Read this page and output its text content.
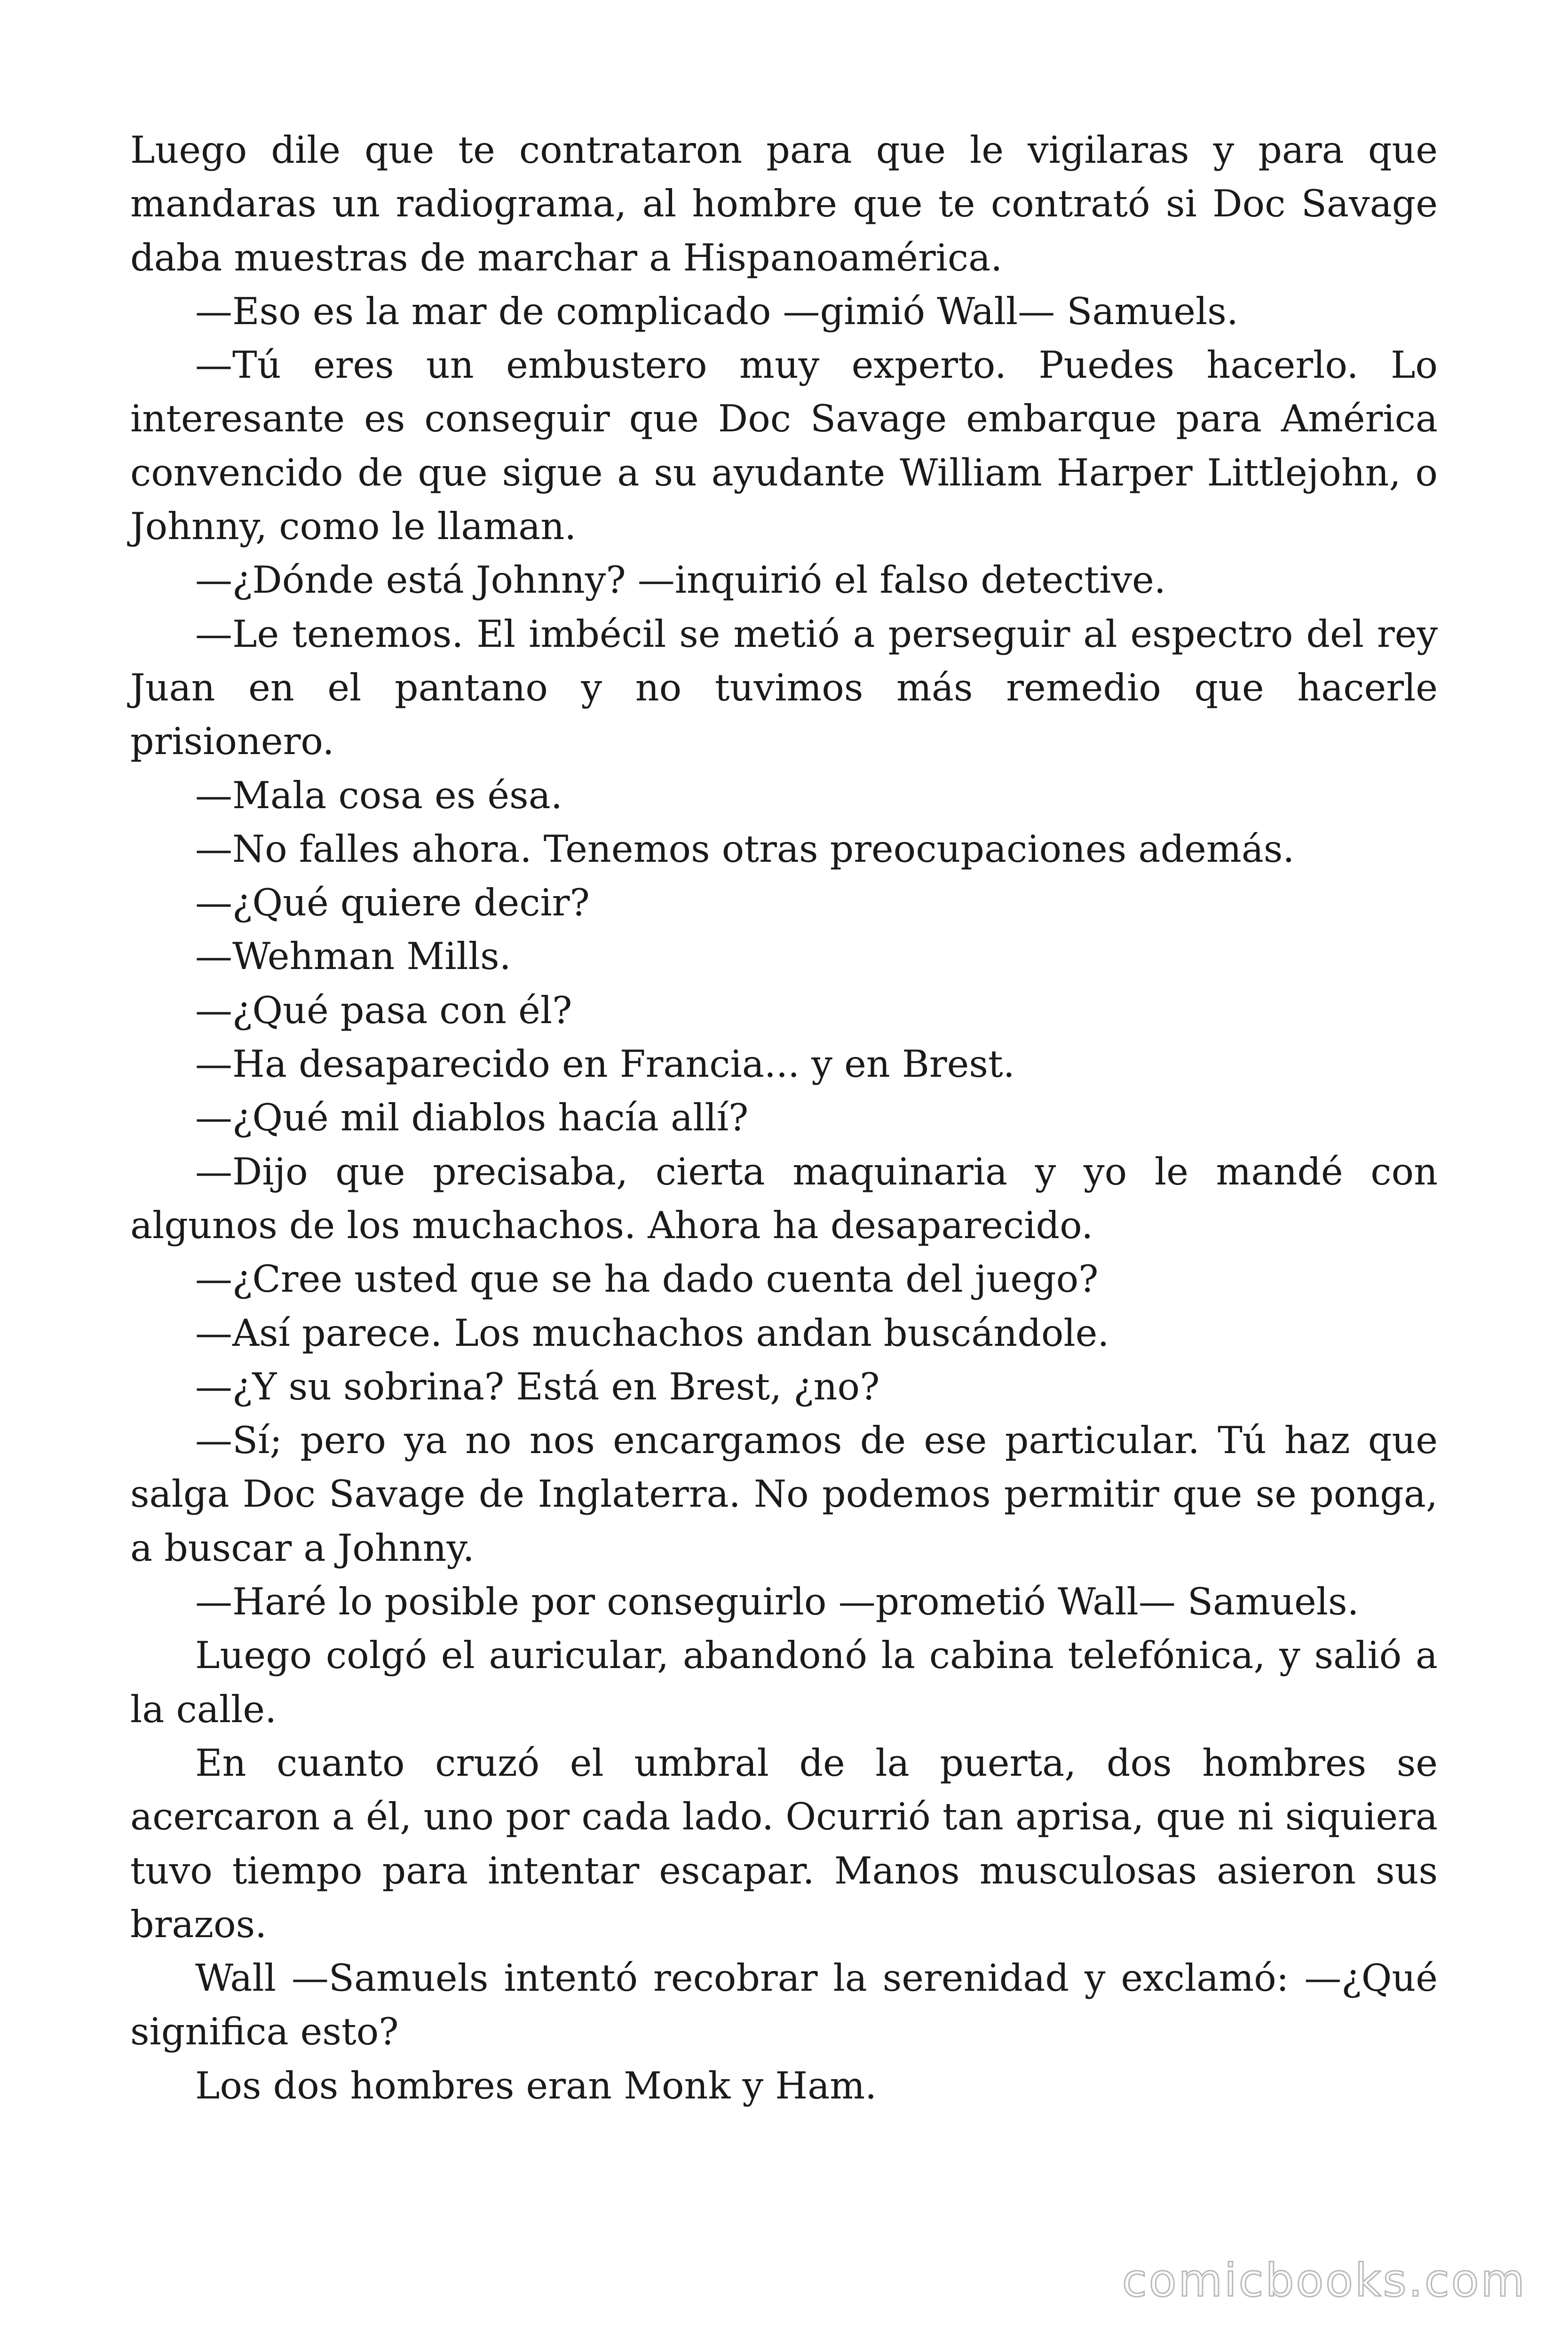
Luego dile que te contrataron para que le vigilaras y para que mandaras un radiograma, al hombre que te contrató si Doc Savage daba muestras de marchar a Hispanoamérica.

—Eso es la mar de complicado —gimió Wall— Samuels.

—Tú eres un embustero muy experto. Puedes hacerlo. Lo interesante es conseguir que Doc Savage embarque para América convencido de que sigue a su ayudante William Harper Littlejohn, o Johnny, como le llaman.

—¿Dónde está Johnny? —inquirió el falso detective.

—Le tenemos. El imbécil se metió a perseguir al espectro del rey Juan en el pantano y no tuvimos más remedio que hacerle prisionero.

—Mala cosa es ésa.

—No falles ahora. Tenemos otras preocupaciones además.

—¿Qué quiere decir?

—Wehman Mills.

—¿Qué pasa con él?

—Ha desaparecido en Francia... y en Brest.

—¿Qué mil diablos hacía allí?

—Dijo que precisaba, cierta maquinaria y yo le mandé con algunos de los muchachos. Ahora ha desaparecido.

—¿Cree usted que se ha dado cuenta del juego?

—Así parece. Los muchachos andan buscándole.

—¿Y su sobrina? Está en Brest, ¿no?

—Sí; pero ya no nos encargamos de ese particular. Tú haz que salga Doc Savage de Inglaterra. No podemos permitir que se ponga, a buscar a Johnny.

—Haré lo posible por conseguirlo —prometió Wall— Samuels.

Luego colgó el auricular, abandonó la cabina telefónica, y salió a la calle.

En cuanto cruzó el umbral de la puerta, dos hombres se acercaron a él, uno por cada lado. Ocurrió tan aprisa, que ni siquiera tuvo tiempo para intentar escapar. Manos musculosas asieron sus brazos.

Wall —Samuels intentó recobrar la serenidad y exclamó: —¿Qué significa esto?

Los dos hombres eran Monk y Ham.

comicbooks.com
